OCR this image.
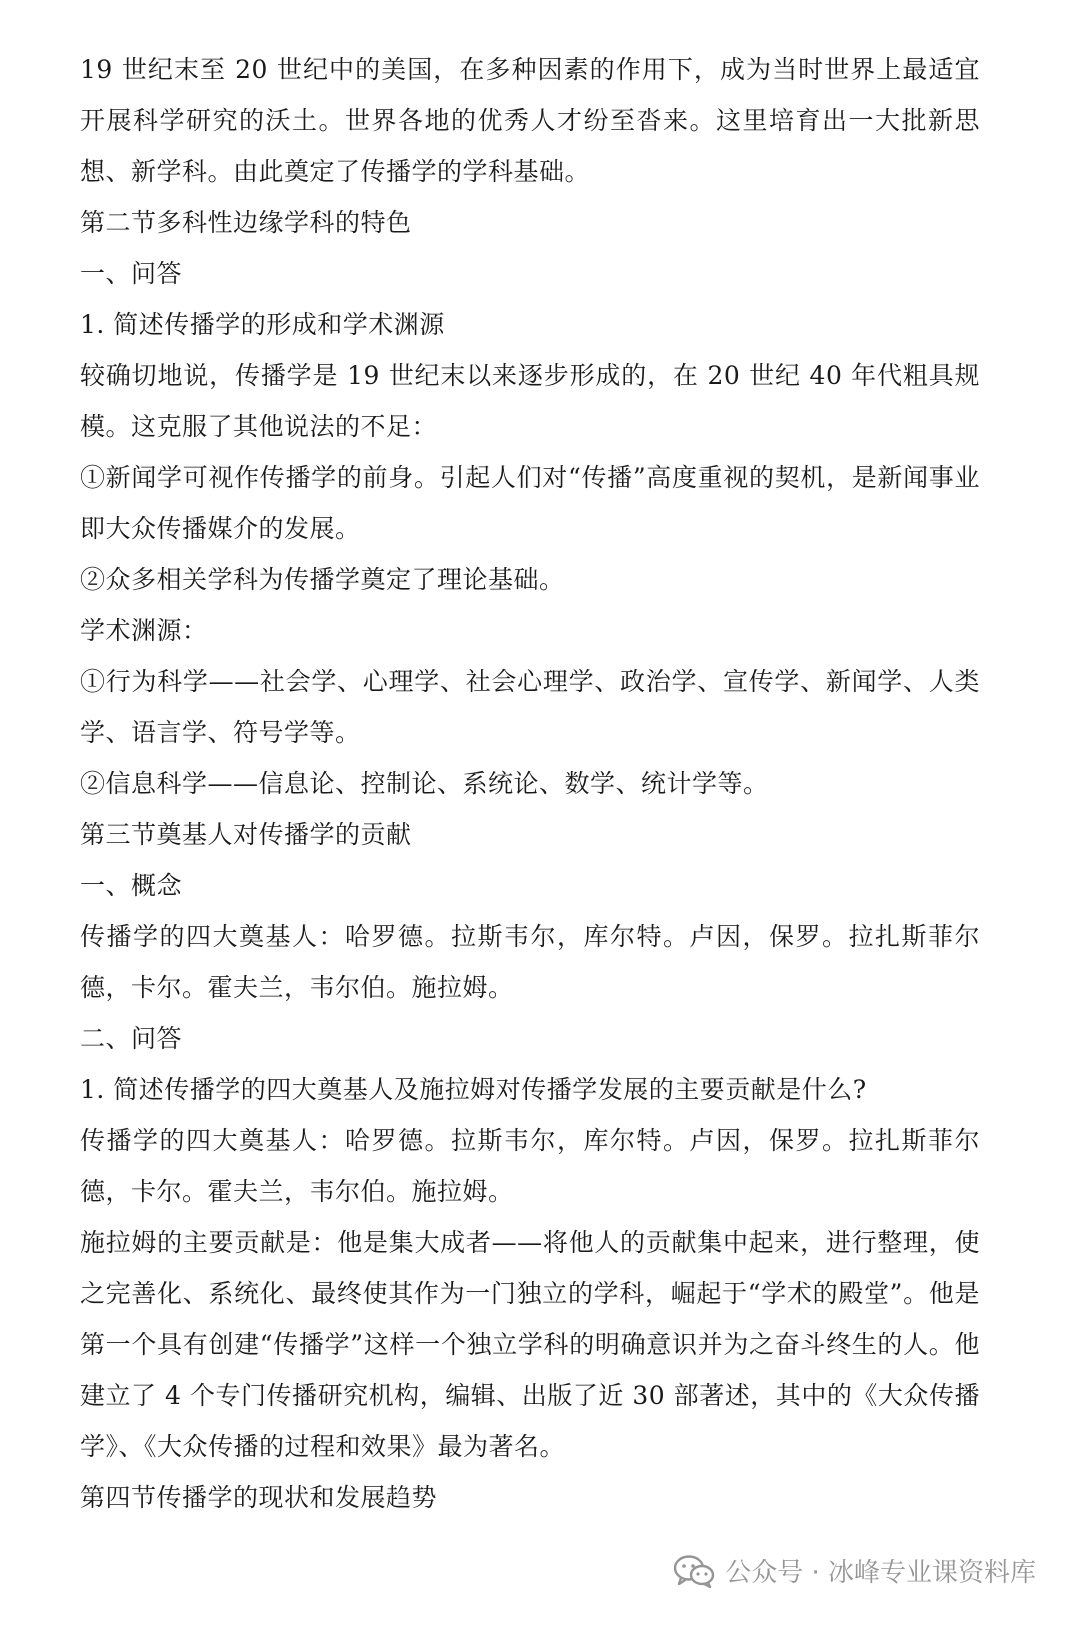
19 世纪末至 20 世纪中的美国，在多种因素的作用下，成为当时世界上最适宜开展科学研究的沃土。世界各地的优秀人才纷至沓来。这里培育出一大批新思想、新学科。由此奠定了传播学的学科基础。

第二节多科性边缘学科的特色

一、问答

1. 简述传播学的形成和学术渊源

较确切地说，传播学是 19 世纪末以来逐步形成的，在 20 世纪 40 年代粗具规模。这克服了其他说法的不足：

①新闻学可视作传播学的前身。引起人们对“传播”高度重视的契机，是新闻事业即大众传播媒介的发展。

②众多相关学科为传播学奠定了理论基础。

学术渊源：

①行为科学——社会学、心理学、社会心理学、政治学、宣传学、新闻学、人类学、语言学、符号学等。

②信息科学——信息论、控制论、系统论、数学、统计学等。

第三节奠基人对传播学的贡献

一、概念

传播学的四大奠基人：哈罗德。拉斯韦尔，库尔特。卢因，保罗。拉扎斯菲尔德，卡尔。霍夫兰，韦尔伯。施拉姆。

二、问答

1. 简述传播学的四大奠基人及施拉姆对传播学发展的主要贡献是什么?

传播学的四大奠基人：哈罗德。拉斯韦尔，库尔特。卢因，保罗。拉扎斯菲尔德，卡尔。霍夫兰，韦尔伯。施拉姆。

施拉姆的主要贡献是：他是集大成者——将他人的贡献集中起来，进行整理，使之完善化、系统化、最终使其作为一门独立的学科，崛起于“学术的殿堂”。他是第一个具有创建“传播学”这样一个独立学科的明确意识并为之奋斗终生的人。他建立了 4 个专门传播研究机构，编辑、出版了近 30 部著述，其中的《大众传播学》、《大众传播的过程和效果》最为著名。

第四节传播学的现状和发展趋势

公众号 · 冰峰专业课资料库
